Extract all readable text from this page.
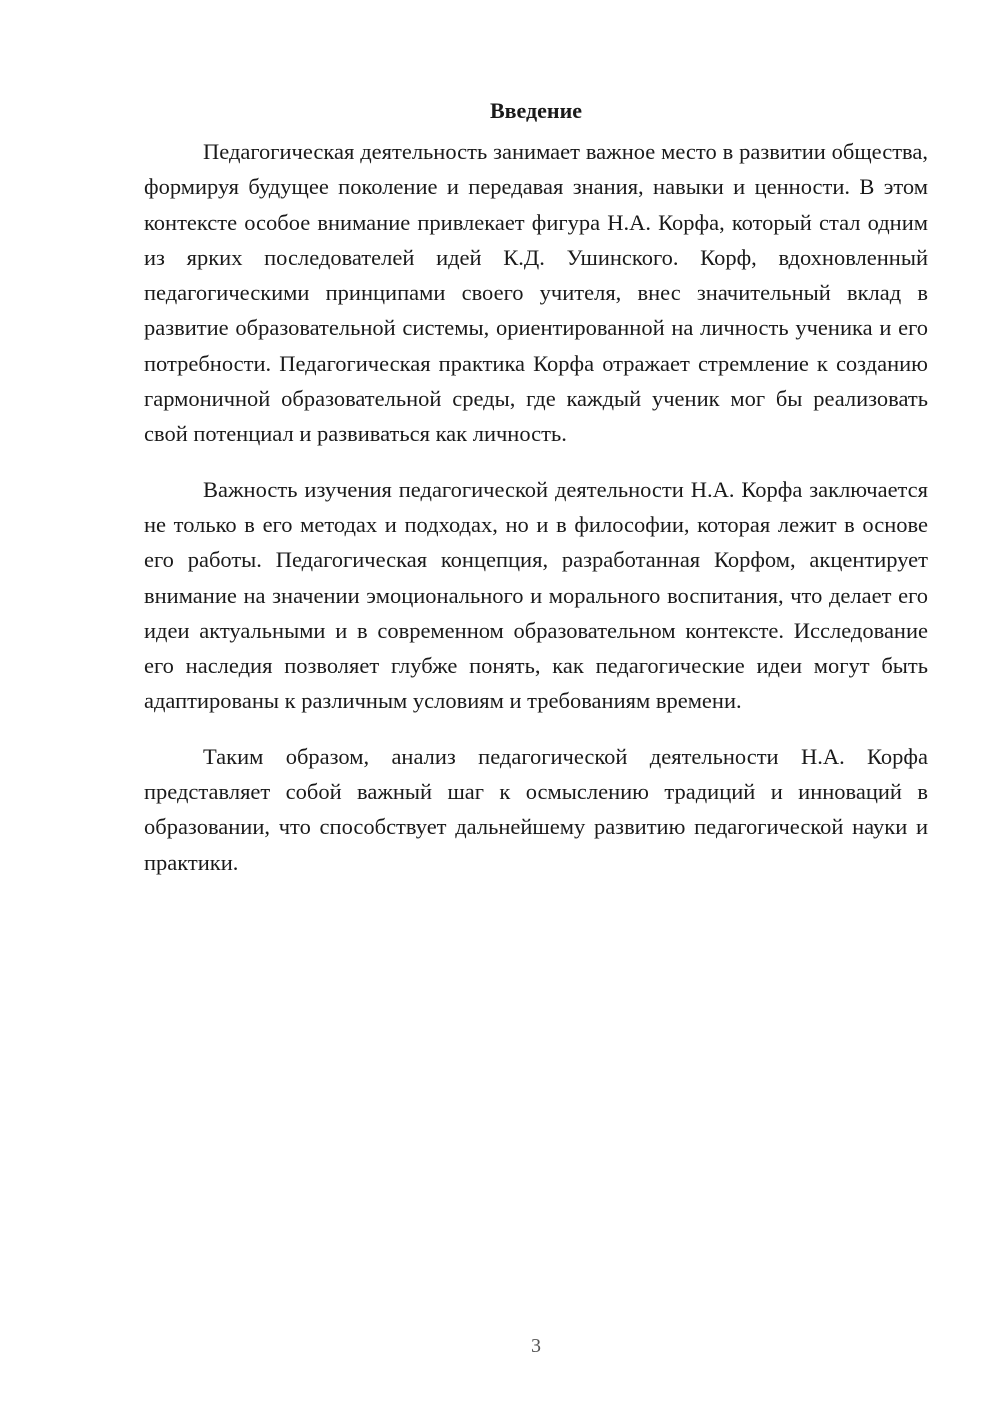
Введение

Педагогическая деятельность занимает важное место в развитии общества, формируя будущее поколение и передавая знания, навыки и ценности. В этом контексте особое внимание привлекает фигура Н.А. Корфа, который стал одним из ярких последователей идей К.Д. Ушинского. Корф, вдохновленный педагогическими принципами своего учителя, внес значительный вклад в развитие образовательной системы, ориентированной на личность ученика и его потребности. Педагогическая практика Корфа отражает стремление к созданию гармоничной образовательной среды, где каждый ученик мог бы реализовать свой потенциал и развиваться как личность.

Важность изучения педагогической деятельности Н.А. Корфа заключается не только в его методах и подходах, но и в философии, которая лежит в основе его работы. Педагогическая концепция, разработанная Корфом, акцентирует внимание на значении эмоционального и морального воспитания, что делает его идеи актуальными и в современном образовательном контексте. Исследование его наследия позволяет глубже понять, как педагогические идеи могут быть адаптированы к различным условиям и требованиям времени.

Таким образом, анализ педагогической деятельности Н.А. Корфа представляет собой важный шаг к осмыслению традиций и инноваций в образовании, что способствует дальнейшему развитию педагогической науки и практики.

3
